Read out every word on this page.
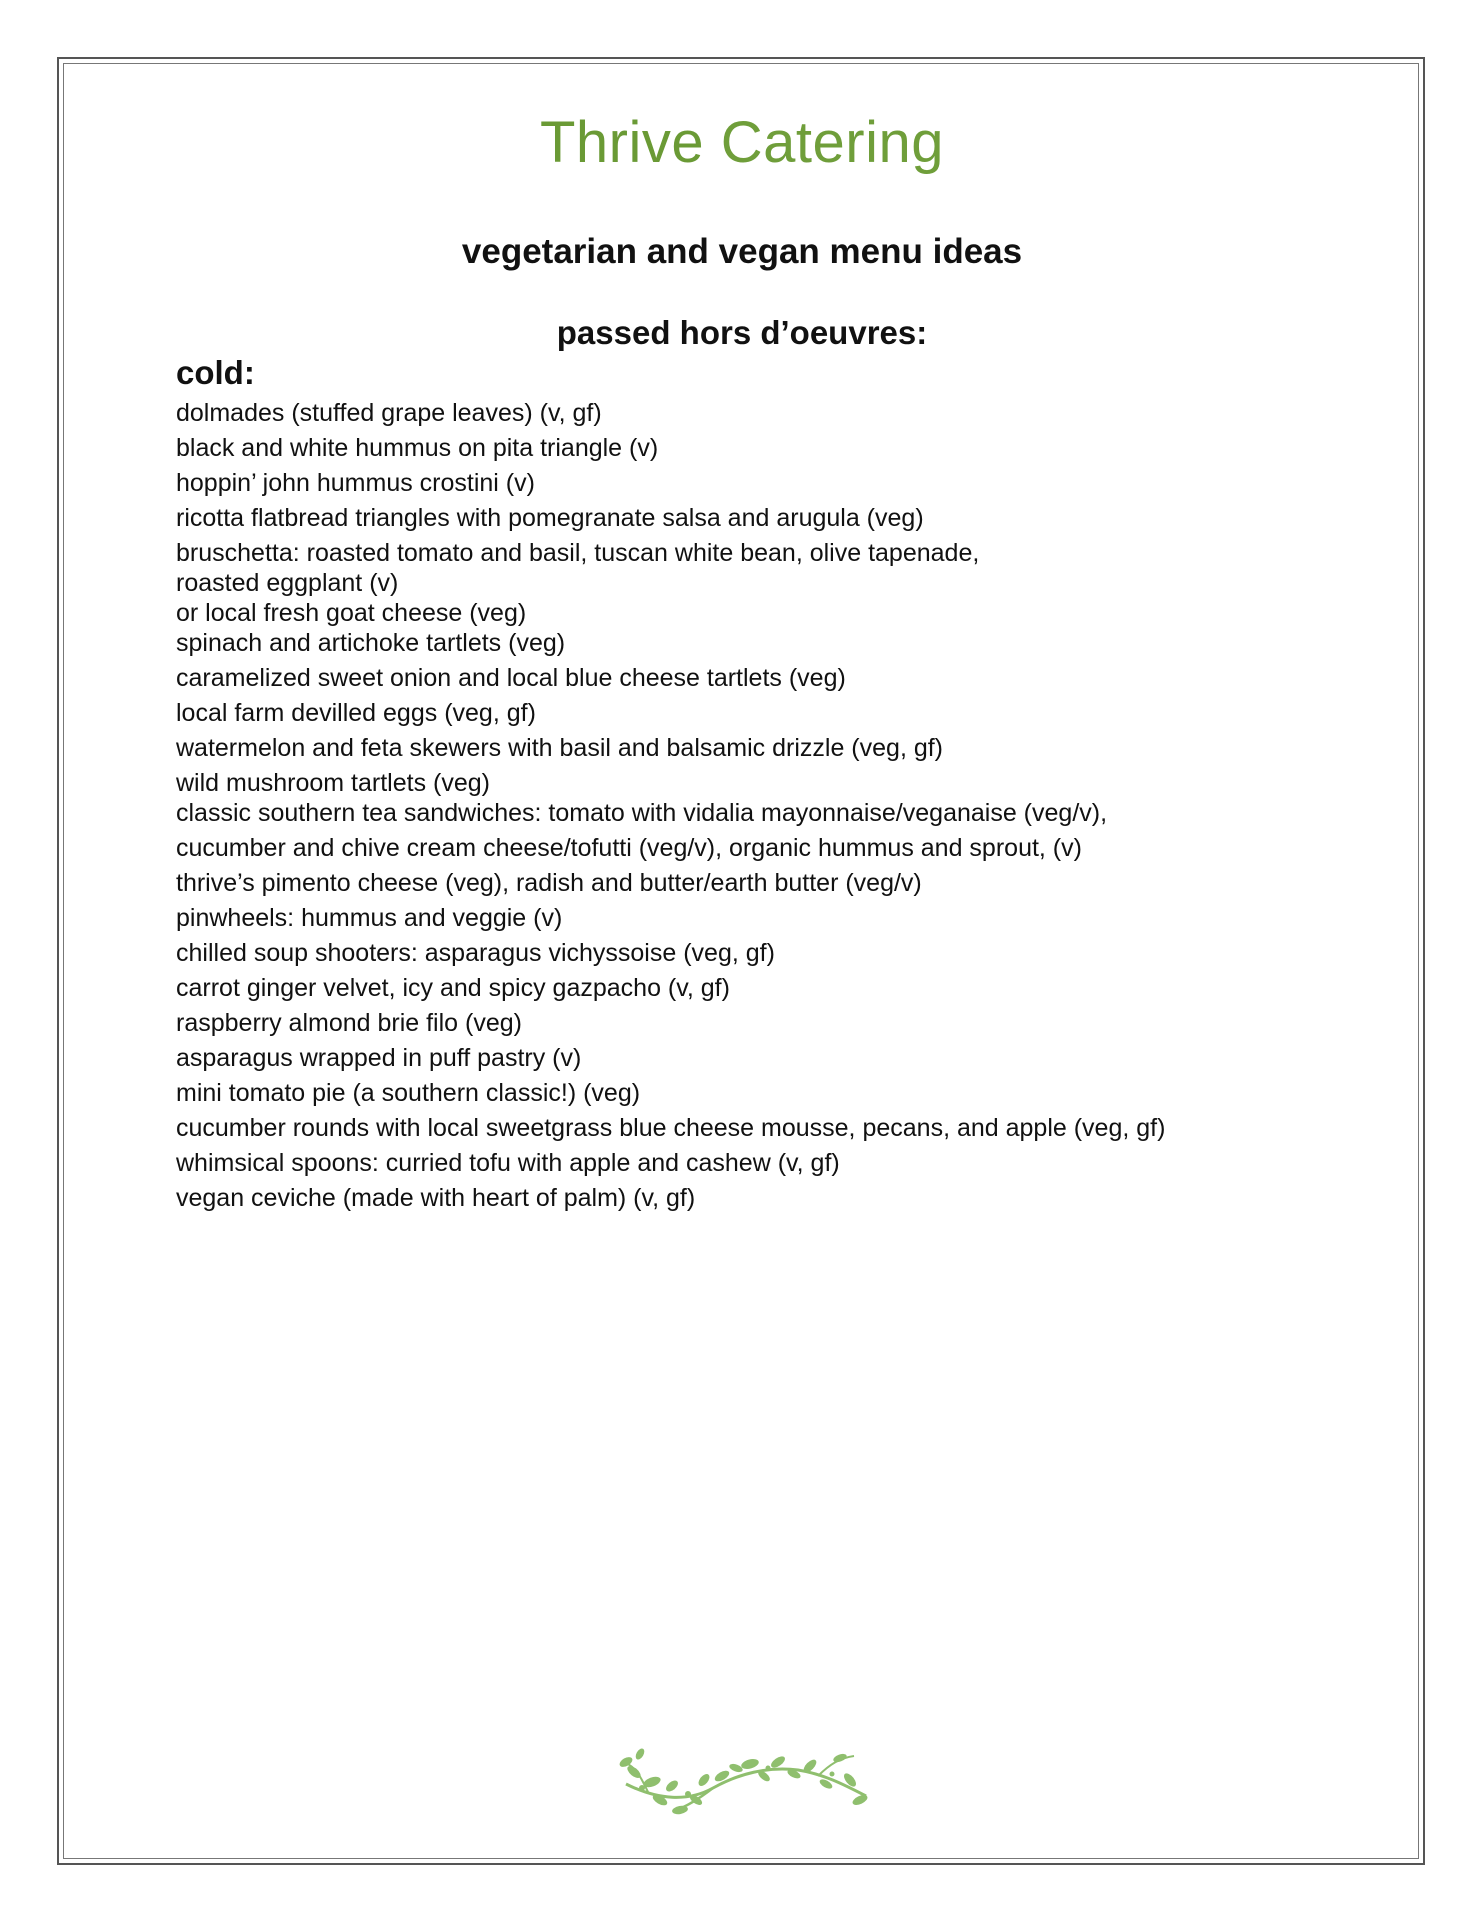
Thrive Catering
vegetarian and vegan menu ideas
passed hors d’oeuvres:
cold:
dolmades (stuffed grape leaves) (v, gf)
black and white hummus on pita triangle (v)
hoppin’ john hummus crostini (v)
ricotta flatbread triangles with pomegranate salsa and arugula (veg)
bruschetta: roasted tomato and basil, tuscan white bean, olive tapenade,
roasted eggplant (v)
or local fresh goat cheese (veg)
spinach and artichoke tartlets (veg)
caramelized sweet onion and local blue cheese tartlets (veg)
local farm devilled eggs (veg, gf)
watermelon and feta skewers with basil and balsamic drizzle (veg, gf)
wild mushroom tartlets (veg)
classic southern tea sandwiches: tomato with vidalia mayonnaise/veganaise (veg/v),
cucumber and chive cream cheese/tofutti (veg/v), organic hummus and sprout, (v)
thrive’s pimento cheese (veg), radish and butter/earth butter (veg/v)
pinwheels: hummus and veggie (v)
chilled soup shooters: asparagus vichyssoise (veg, gf)
carrot ginger velvet, icy and spicy gazpacho (v, gf)
raspberry almond brie filo (veg)
asparagus wrapped in puff pastry (v)
mini tomato pie (a southern classic!) (veg)
cucumber rounds with local sweetgrass blue cheese mousse, pecans, and apple (veg, gf)
whimsical spoons: curried tofu with apple and cashew (v, gf)
vegan ceviche (made with heart of palm) (v, gf)
